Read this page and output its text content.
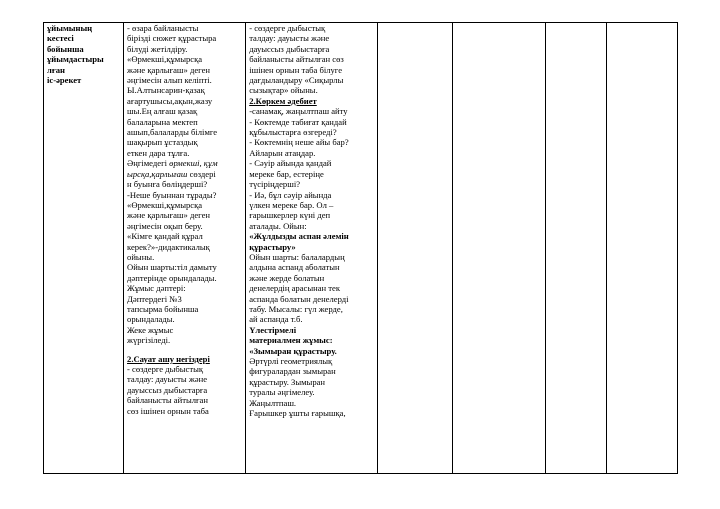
ұйымының
кестесі
бойынша
ұйымдастыры
лған
іс-әрекет

- өзара байланысты
бірізді сюжет құрастыра
білуді жетілдіру.
«Өрмекші,құмырсқа
және қарлығаш» деген
әңгімесін алып келіпті.
Ы.Алтынсарин-қазақ
ағартушысы,ақын,жазу
шы.Ең алғаш қазақ
балаларына мектеп
ашып,балаларды білімге
шақырып ұстаздық
еткен дара тұлға.
Әңгімедегі өрмекші, құм
ырсқа,қарлығаш сөздері
н буынға бөліңдерші?
-Неше буыннан тұрады?
«Өрмекші,құмырсқа
және қарлығаш» деген
әңгімесін оқып беру.
«Кімге қандай құрал
керек?»-дидактикалық
ойыны.
Ойын шарты:тіл дамыту
дәптерінде орындалады.
Жұмыс дәптері:
Дәптердегі №3
тапсырма бойынша
орындалады.
Жеке жұмыс
жүргізіледі.
2.Сауат ашу негіздері
- сөздерге дыбыстық
талдау: дауысты және
дауыссыз дыбыстарға
байланысты айтылған
сөз ішінен орнын таба

- сөздерге дыбыстық
талдау: дауысты және
дауыссыз дыбыстарға
байланысты айтылған сөз
ішінен орнын таба білуге
дағдыландыру «Сиқырлы
сызықтар» ойыны.
2.Көркем әдебиет
-санамақ, жаңылтпаш айту
- Көктемде табиғат қандай
құбылыстарға өзгереді?
- Көктемнің неше айы бар?
Айларын атаңдар.
- Сәуір айында қандай
мереке бар, естеріңе
түсіріңдерші?
- Иә, бұл сәуір айында
үлкен мереке бар. Ол –
ғарышкерлер күні деп
аталады. Ойын:
«Жұлдызды аспан әлемін
құрастыру»
Ойын шарты: балалардың
алдына аспанд аболатын
және жерде болатын
денелердің арасынан тек
аспанда болатын денелерді
табу. Мысалы: гүл жерде,
ай аспанда т.б.
Үлестірмелі
материалмен жұмыс:
«Зымыран құрастыру.
Әртүрлі геометриялық
фигуралардан зымыран
құрастыру. Зымыран
туралы әңгімелеу.
Жаңылтпаш.
Ғарышкер ұшты ғарышқа,
